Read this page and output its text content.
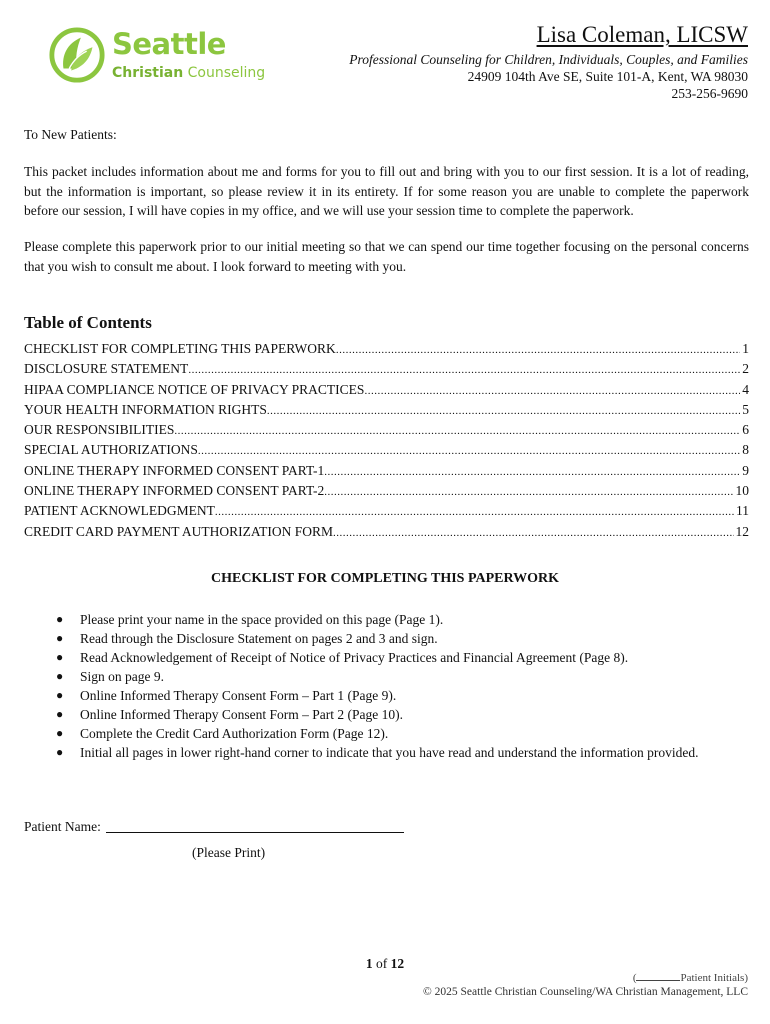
Seattle
Christian Counseling
Lisa Coleman, LICSW
Professional Counseling for Children, Individuals, Couples, and Families
24909 104th Ave SE, Suite 101-A, Kent, WA 98030
253-256-9690
To New Patients:
This packet includes information about me and forms for you to fill out and bring with you to our first session. It is a lot of reading, but the information is important, so please review it in its entirety. If for some reason you are unable to complete the paperwork before our session, I will have copies in my office, and we will use your session time to complete the paperwork.
Please complete this paperwork prior to our initial meeting so that we can spend our time together focusing on the personal concerns that you wish to consult me about. I look forward to meeting with you.
Table of Contents
CHECKLIST FOR COMPLETING THIS PAPERWORK .....	1
DISCLOSURE STATEMENT .....	2
HIPAA COMPLIANCE NOTICE OF PRIVACY PRACTICES .....	4
YOUR HEALTH INFORMATION RIGHTS .....	5
OUR RESPONSIBILITIES .....	6
SPECIAL AUTHORIZATIONS .....	8
ONLINE THERAPY INFORMED CONSENT PART-1 .....	9
ONLINE THERAPY INFORMED CONSENT PART-2 .....	10
PATIENT ACKNOWLEDGMENT .....	11
CREDIT CARD PAYMENT AUTHORIZATION FORM .....	12
CHECKLIST FOR COMPLETING THIS PAPERWORK
● Please print your name in the space provided on this page (Page 1).
● Read through the Disclosure Statement on pages 2 and 3 and sign.
● Read Acknowledgement of Receipt of Notice of Privacy Practices and Financial Agreement (Page 8).
● Sign on page 9.
● Online Informed Therapy Consent Form – Part 1 (Page 9).
● Online Informed Therapy Consent Form – Part 2 (Page 10).
● Complete the Credit Card Authorization Form (Page 12).
● Initial all pages in lower right-hand corner to indicate that you have read and understand the information provided.
Patient Name:
(Please Print)
1 of 12
(	Patient Initials)
© 2025 Seattle Christian Counseling/WA Christian Management, LLC
